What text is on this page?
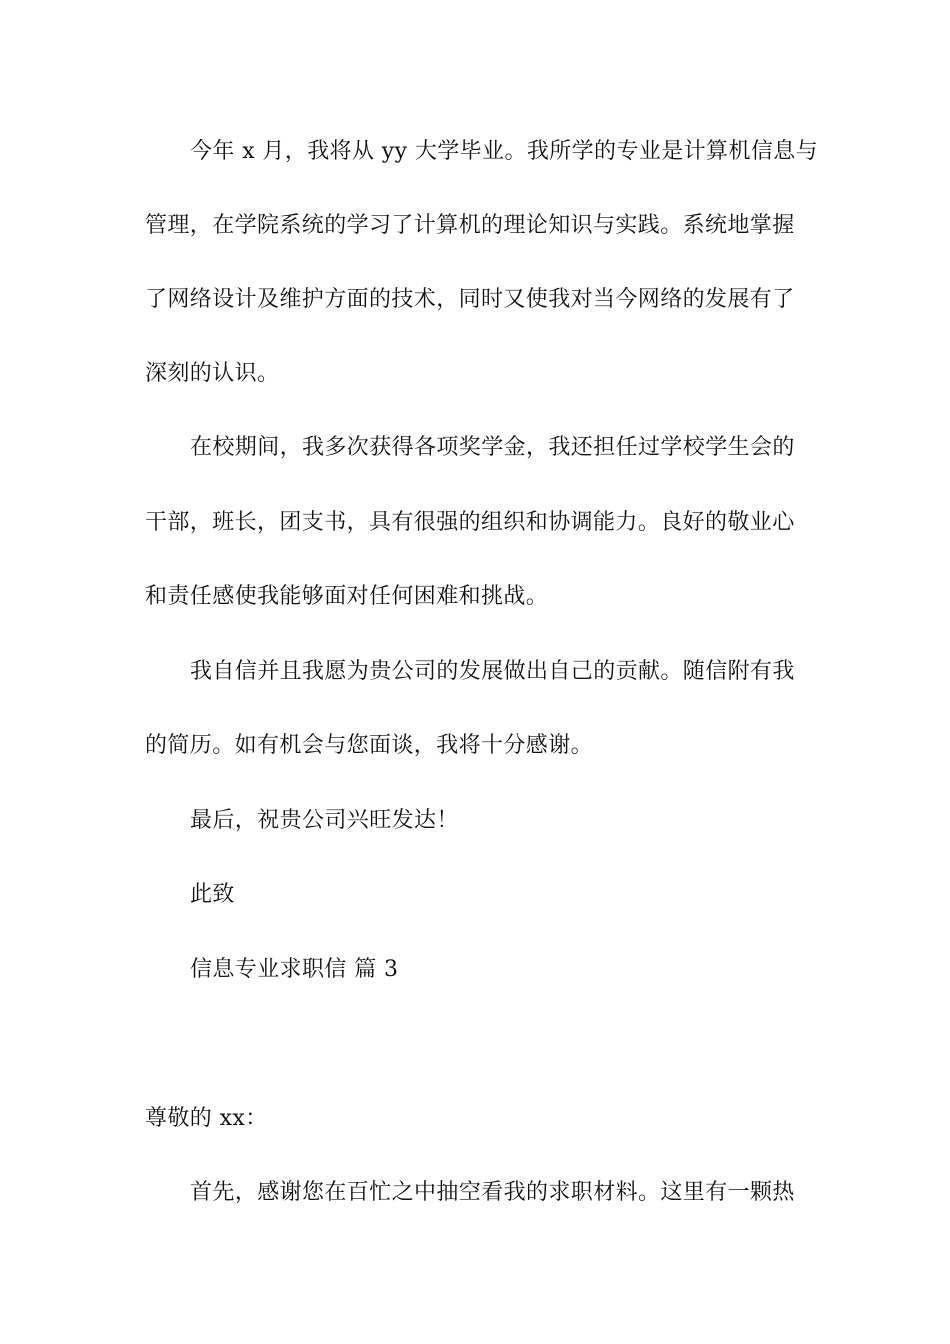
今年 x 月，我将从 yy 大学毕业。我所学的专业是计算机信息与
管理，在学院系统的学习了计算机的理论知识与实践。系统地掌握
了网络设计及维护方面的技术，同时又使我对当今网络的发展有了
深刻的认识。
在校期间，我多次获得各项奖学金，我还担任过学校学生会的
干部，班长，团支书，具有很强的组织和协调能力。良好的敬业心
和责任感使我能够面对任何困难和挑战。
我自信并且我愿为贵公司的发展做出自己的贡献。随信附有我
的简历。如有机会与您面谈，我将十分感谢。
最后，祝贵公司兴旺发达！
此致
信息专业求职信 篇 3
尊敬的 xx：
首先，感谢您在百忙之中抽空看我的求职材料。这里有一颗热
